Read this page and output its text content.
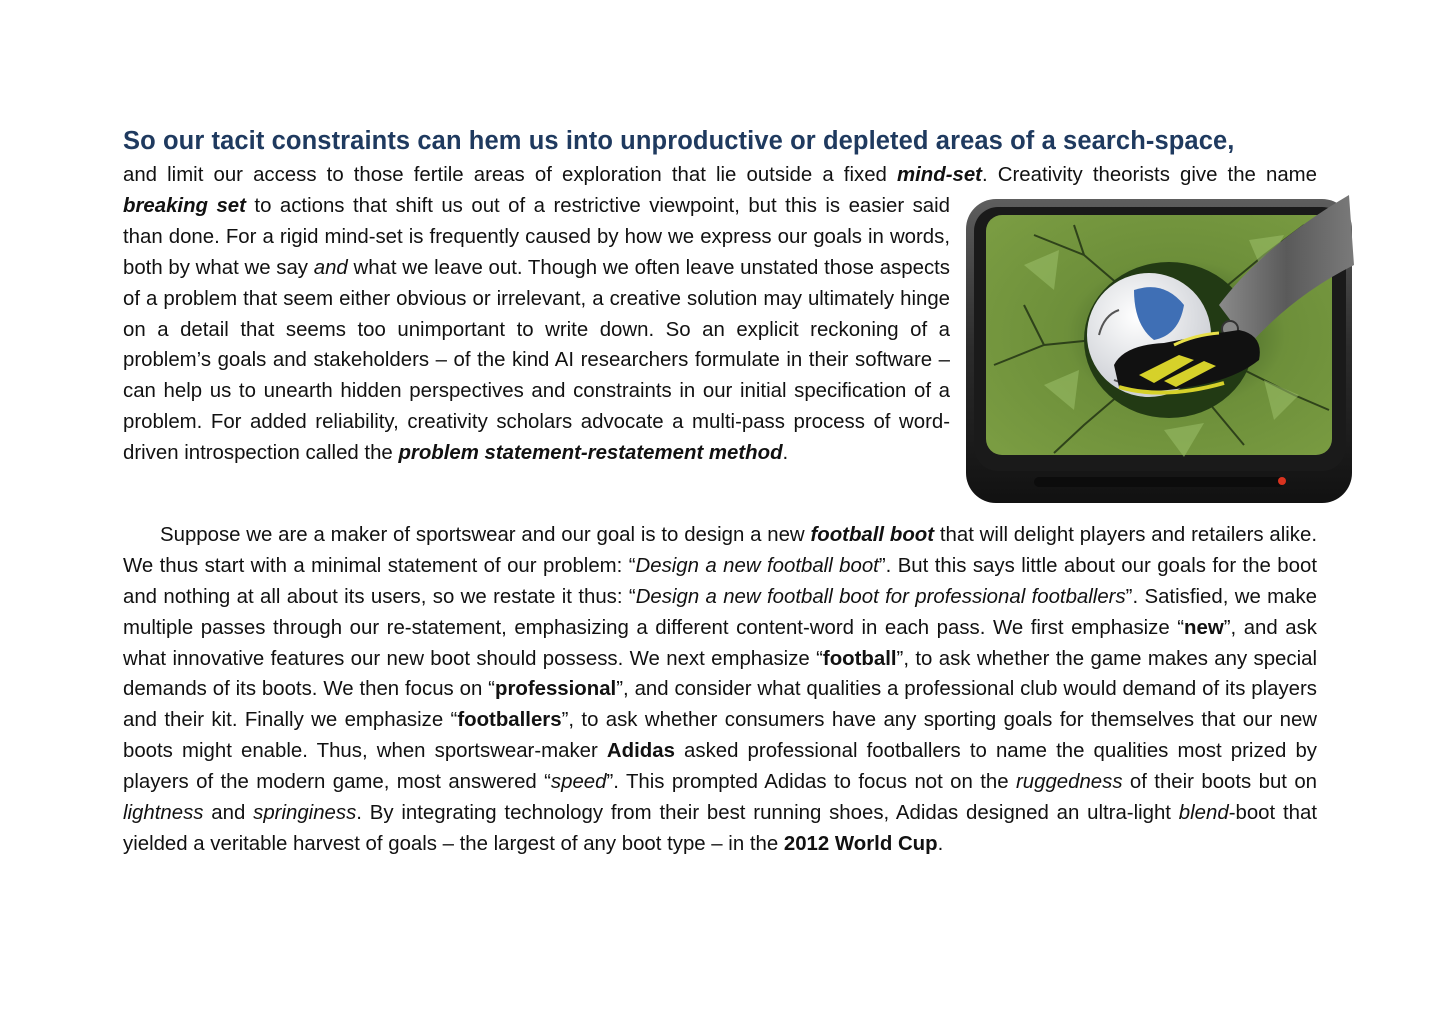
So our tacit constraints can hem us into unproductive or depleted areas of a search-space,

and limit our access to those fertile areas of exploration that lie outside a fixed mind-set. Creativity theorists give the name breaking set
to actions that shift us out of a restrictive viewpoint, but this is easier said than done. For a rigid mind-set is frequently caused by how we express our goals in words, both by what we say and what we leave out. Though we often leave unstated those aspects of a problem that seem either obvious or irrelevant, a creative solution may ultimately hinge on a detail that seems too unimportant to write down. So an explicit reckoning of a problem’s goals and stakeholders – of the kind AI researchers formulate in their software – can help us to unearth hidden perspectives and constraints in our initial specification of a problem. For added reliability, creativity scholars advocate a multi-pass process of word-driven introspection called the problem statement-restatement method.

Suppose we are a maker of sportswear and our goal is to design a new football boot that will delight players and retailers alike. We thus start with a minimal statement of our problem: “Design a new football boot”. But this says little about our goals for the boot and nothing at all about its users, so we restate it thus: “Design a new football boot for professional footballers”. Satisfied, we make multiple passes through our re-statement, emphasizing a different content-word in each pass. We first emphasize “new”, and ask what innovative features our new boot should possess. We next emphasize “football”, to ask whether the game makes any special demands of its boots. We then focus on “professional”, and consider what qualities a professional club would demand of its players and their kit. Finally we emphasize “footballers”, to ask whether consumers have any sporting goals for themselves that our new boots might enable. Thus, when sportswear-maker Adidas asked professional footballers to name the qualities most prized by players of the modern game, most answered “speed”. This prompted Adidas to focus not on the ruggedness of their boots but on lightness and springiness. By integrating technology from their best running shoes, Adidas designed an ultra-light blend-boot that yielded a veritable harvest of goals – the largest of any boot type – in the 2012 World Cup.
